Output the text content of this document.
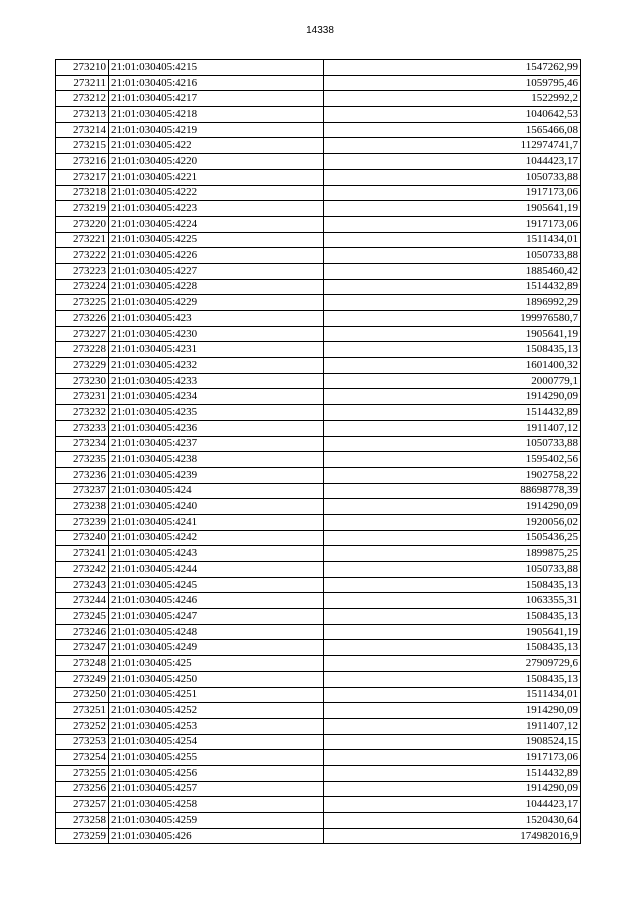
14338
273210	21:01:030405:4215	1547262,99
273211	21:01:030405:4216	1059795,46
273212	21:01:030405:4217	1522992,2
273213	21:01:030405:4218	1040642,53
273214	21:01:030405:4219	1565466,08
273215	21:01:030405:422	112974741,7
273216	21:01:030405:4220	1044423,17
273217	21:01:030405:4221	1050733,88
273218	21:01:030405:4222	1917173,06
273219	21:01:030405:4223	1905641,19
273220	21:01:030405:4224	1917173,06
273221	21:01:030405:4225	1511434,01
273222	21:01:030405:4226	1050733,88
273223	21:01:030405:4227	1885460,42
273224	21:01:030405:4228	1514432,89
273225	21:01:030405:4229	1896992,29
273226	21:01:030405:423	199976580,7
273227	21:01:030405:4230	1905641,19
273228	21:01:030405:4231	1508435,13
273229	21:01:030405:4232	1601400,32
273230	21:01:030405:4233	2000779,1
273231	21:01:030405:4234	1914290,09
273232	21:01:030405:4235	1514432,89
273233	21:01:030405:4236	1911407,12
273234	21:01:030405:4237	1050733,88
273235	21:01:030405:4238	1595402,56
273236	21:01:030405:4239	1902758,22
273237	21:01:030405:424	88698778,39
273238	21:01:030405:4240	1914290,09
273239	21:01:030405:4241	1920056,02
273240	21:01:030405:4242	1505436,25
273241	21:01:030405:4243	1899875,25
273242	21:01:030405:4244	1050733,88
273243	21:01:030405:4245	1508435,13
273244	21:01:030405:4246	1063355,31
273245	21:01:030405:4247	1508435,13
273246	21:01:030405:4248	1905641,19
273247	21:01:030405:4249	1508435,13
273248	21:01:030405:425	27909729,6
273249	21:01:030405:4250	1508435,13
273250	21:01:030405:4251	1511434,01
273251	21:01:030405:4252	1914290,09
273252	21:01:030405:4253	1911407,12
273253	21:01:030405:4254	1908524,15
273254	21:01:030405:4255	1917173,06
273255	21:01:030405:4256	1514432,89
273256	21:01:030405:4257	1914290,09
273257	21:01:030405:4258	1044423,17
273258	21:01:030405:4259	1520430,64
273259	21:01:030405:426	174982016,9
